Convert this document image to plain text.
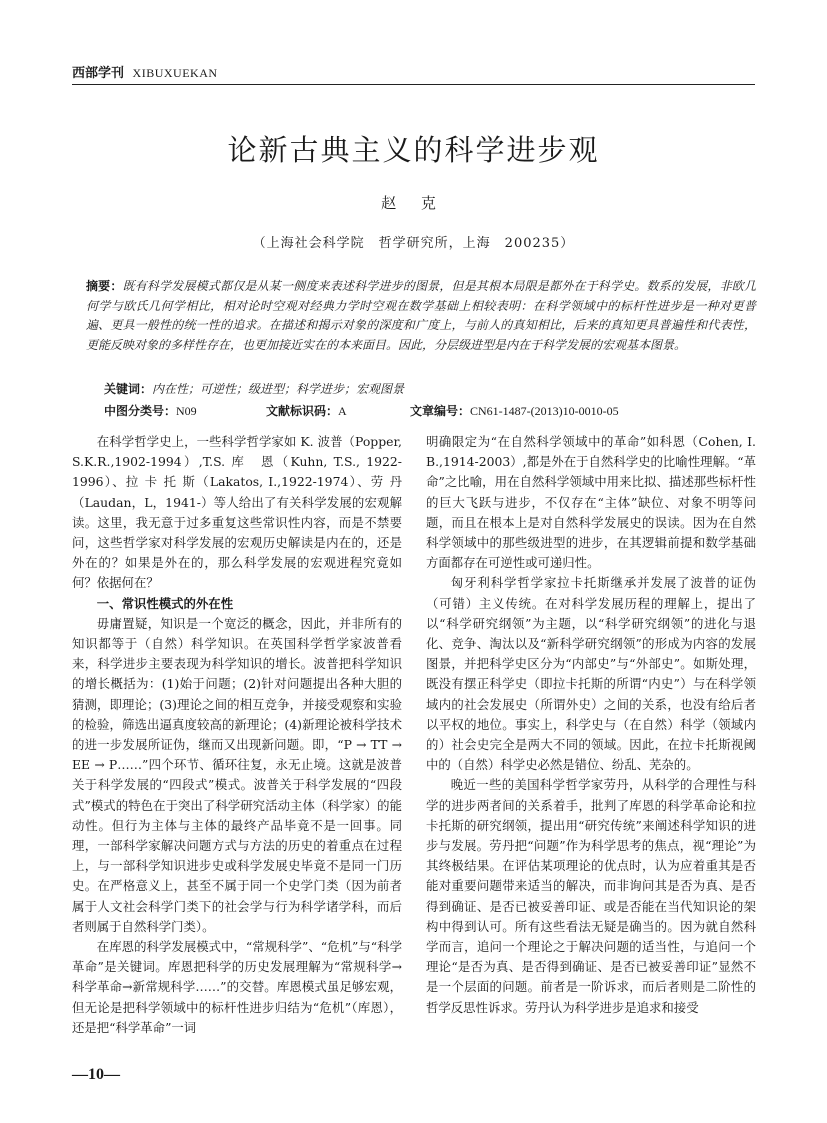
西部学刊 XIBUXUEKAN
论新古典主义的科学进步观
赵 克
（上海社会科学院　哲学研究所，上海　200235）
摘要：既有科学发展模式都仅是从某一侧度来表述科学进步的图景，但是其根本局限是都外在于科学史。数系的发展，非欧几何学与欧氏几何学相比，相对论时空观对经典力学时空观在数学基础上相较表明：在科学领域中的标杆性进步是一种对更普遍、更具一般性的统一性的追求。在描述和揭示对象的深度和广度上，与前人的真知相比，后来的真知更具普遍性和代表性，更能反映对象的多样性存在，也更加接近实在的本来面目。因此，分层级进型是内在于科学发展的宏观基本图景。
关键词：内在性；可逆性；级进型；科学进步；宏观图景
中图分类号：N09	文献标识码：A	文章编号：CN61-1487-(2013)10-0010-05

在科学哲学史上，一些科学哲学家如 K. 波普（Popper, S.K.R.,1902-1994）,T.S. 库　恩（Kuhn, T.S., 1922-1996）、拉 卡 托 斯（Lakatos, I.,1922-1974）、劳 丹（Laudan，L，1941-）等人给出了有关科学发展的宏观解读。这里，我无意于过多重复这些常识性内容，而是不禁要问，这些哲学家对科学发展的宏观历史解读是内在的，还是外在的？如果是外在的，那么科学发展的宏观进程究竟如何？依据何在？

一、常识性模式的外在性

毋庸置疑，知识是一个宽泛的概念，因此，并非所有的知识都等于（自然）科学知识。在英国科学哲学家波普看来，科学进步主要表现为科学知识的增长。波普把科学知识的增长概括为：(1)始于问题；(2)针对问题提出各种大胆的猜测，即理论；(3)理论之间的相互竞争，并接受观察和实验的检验，筛选出逼真度较高的新理论；(4)新理论被科学技术的进一步发展所证伪，继而又出现新问题。即，“P → TT → EE → P……”四个环节、循环往复，永无止境。这就是波普关于科学发展的“四段式”模式。波普关于科学发展的“四段式”模式的特色在于突出了科学研究活动主体（科学家）的能动性。但行为主体与主体的最终产品毕竟不是一回事。同理，一部科学家解决问题方式与方法的历史的着重点在过程上，与一部科学知识进步史或科学发展史毕竟不是同一门历史。在严格意义上，甚至不属于同一个史学门类（因为前者属于人文社会科学门类下的社会学与行为科学诸学科，而后者则属于自然科学门类）。

在库恩的科学发展模式中，“常规科学”、“危机”与“科学革命”是关键词。库恩把科学的历史发展理解为“常规科学→科学革命→新常规科学……”的交替。库恩模式虽足够宏观，但无论是把科学领域中的标杆性进步归结为“危机”（库恩），还是把“科学革命”一词

明确限定为“在自然科学领域中的革命”如科恩（Cohen, I. B.,1914-2003）,都是外在于自然科学史的比喻性理解。“革命”之比喻，用在自然科学领域中用来比拟、描述那些标杆性的巨大飞跃与进步，不仅存在“主体”缺位、对象不明等问题，而且在根本上是对自然科学发展史的误读。因为在自然科学领域中的那些级进型的进步，在其逻辑前提和数学基础方面都存在可逆性或可递归性。

匈牙利科学哲学家拉卡托斯继承并发展了波普的证伪（可错）主义传统。在对科学发展历程的理解上，提出了以“科学研究纲领”为主题，以“科学研究纲领”的进化与退化、竞争、淘汰以及“新科学研究纲领”的形成为内容的发展图景，并把科学史区分为“内部史”与“外部史”。如斯处理，既没有摆正科学史（即拉卡托斯的所谓“内史”）与在科学领域内的社会发展史（所谓外史）之间的关系，也没有给后者以平权的地位。事实上，科学史与（在自然）科学（领域内的）社会史完全是两大不同的领域。因此，在拉卡托斯视阈中的（自然）科学史必然是错位、纷乱、芜杂的。

晚近一些的美国科学哲学家劳丹，从科学的合理性与科学的进步两者间的关系着手，批判了库恩的科学革命论和拉卡托斯的研究纲领，提出用“研究传统”来阐述科学知识的进步与发展。劳丹把“问题”作为科学思考的焦点，视“理论”为其终极结果。在评估某项理论的优点时，认为应着重其是否能对重要问题带来适当的解决，而非询问其是否为真、是否得到确证、是否已被妥善印证、或是否能在当代知识论的架构中得到认可。所有这些看法无疑是确当的。因为就自然科学而言，追问一个理论之于解决问题的适当性，与追问一个理论“是否为真、是否得到确证、是否已被妥善印证”显然不是一个层面的问题。前者是一阶诉求，而后者则是二阶性的哲学反思性诉求。劳丹认为科学进步是追求和接受

—10—
